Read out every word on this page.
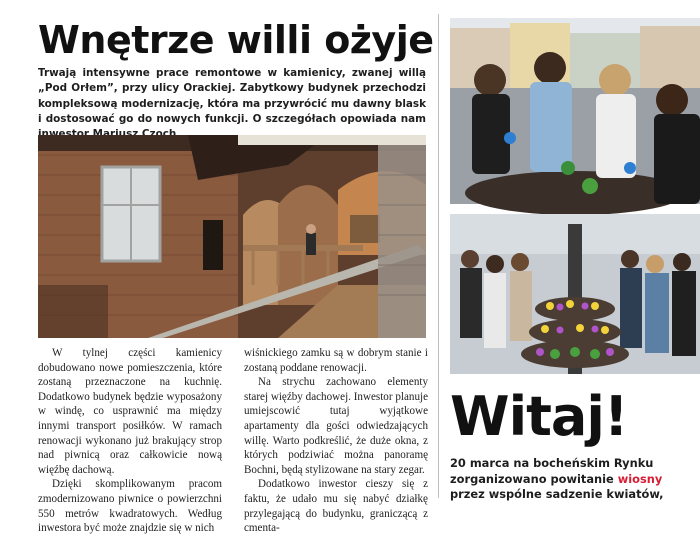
Wnętrze willi ożyje

Trwają intensywne prace remontowe w kamienicy, zwanej willą „Pod Orłem”, przy ulicy Orackiej. Zabytkowy budynek przechodzi kompleksową modernizację, która ma przywrócić mu dawny blask i dostosować go do nowych funkcji. O szczegółach opowiada nam

W tylnej części kamienicy dobudowano nowe pomieszczenia, które zostaną przeznaczone na kuchnię. Dodatkowo budynek będzie wyposażony w windę, co usprawnić ma między innymi transport posiłków. W ramach renowacji wykonano już brakujący strop nad piwnicą oraz całkowicie nową więźbę dachową.

Dzięki skomplikowanym pracom zmodernizowano piwnice o powierzchni 550 metrów kwadratowych. Według inwestora być może znajdzie się w nich

wiśnickiego zamku są w dobrym stanie i zostaną poddane renowacji.

Na strychu zachowano elementy starej więźby dachowej. Inwestor planuje umiejscowić tutaj wyjątkowe apartamenty dla gości odwiedzających willę. Warto podkreślić, że duże okna, z których podziwiać można panoramę Bochni, będą stylizowane na stary zegar.

Dodatkowo inwestor cieszy się z faktu, że udało mu się nabyć działkę przylegającą do budynku, graniczącą z cmenta-

Witaj!

20 marca na bocheńskim Rynku zorganizowano powitanie wiosny przez wspólne sadzenie kwiatów,
